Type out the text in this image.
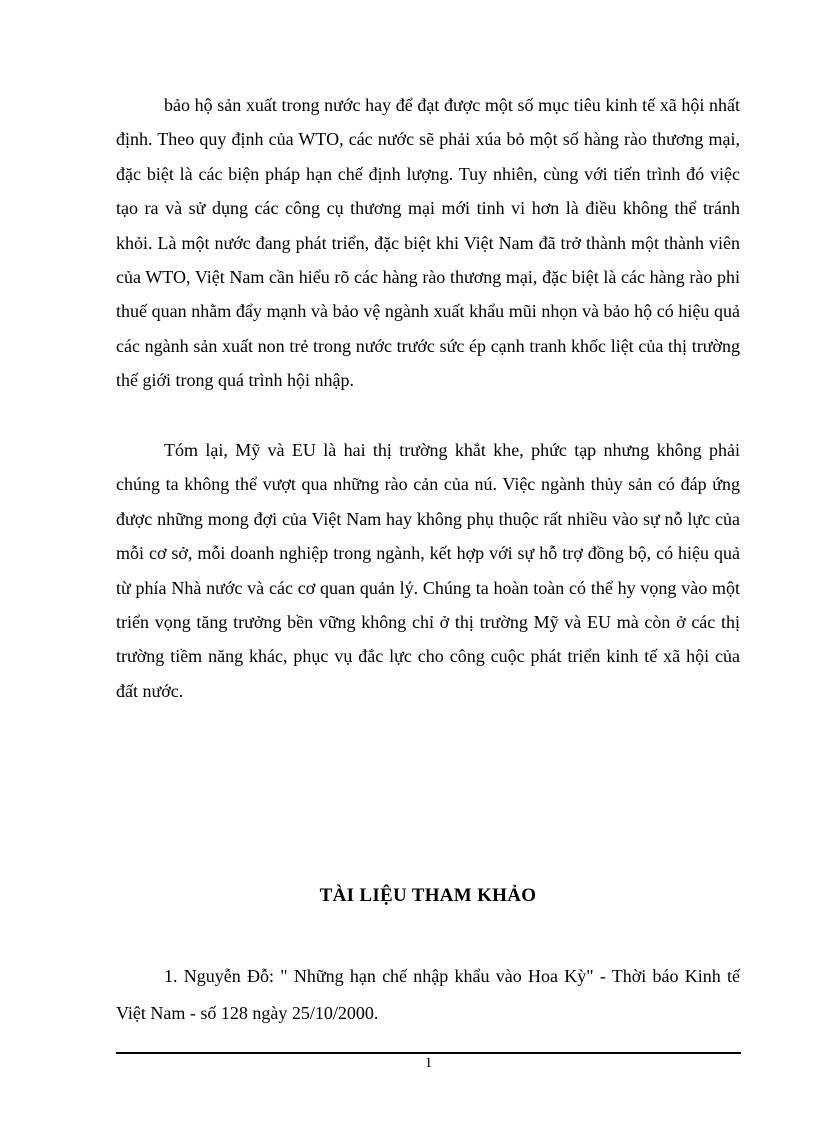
bảo hộ sản xuất trong nước hay để đạt được một số mục tiêu kinh tế xã hội nhất định. Theo quy định của WTO, các nước sẽ phải xúa bỏ một số hàng rào thương mại, đặc biệt là các biện pháp hạn chế định lượng. Tuy nhiên, cùng với tiến trình đó việc tạo ra và sử dụng các công cụ thương mại mới tinh vi hơn là điều không thể tránh khỏi. Là một nước đang phát triển, đặc biệt khi Việt Nam đã trở thành một thành viên của WTO, Việt Nam cần hiểu rõ các hàng rào thương mại, đặc biệt là các hàng rào phi thuế quan nhằm đẩy mạnh và bảo vệ ngành xuất khẩu mũi nhọn và bảo hộ có hiệu quả các ngành sản xuất non trẻ trong nước trước sức ép cạnh tranh khốc liệt của thị trường thế giới trong quá trình hội nhập.

Tóm lại, Mỹ và EU là hai thị trường khắt khe, phức tạp nhưng không phải chúng ta không thể vượt qua những rào cản của nú. Việc ngành thủy sản có đáp ứng được những mong đợi của Việt Nam hay không phụ thuộc rất nhiều vào sự nỗ lực của mỗi cơ sở, mỗi doanh nghiệp trong ngành, kết hợp với sự hỗ trợ đồng bộ, có hiệu quả từ phía Nhà nước và các cơ quan quản lý. Chúng ta hoàn toàn có thể hy vọng vào một triển vọng tăng trưởng bền vững không chỉ ở thị trường Mỹ và EU mà còn ở các thị trường tiềm năng khác, phục vụ đắc lực cho công cuộc phát triển kinh tế xã hội của đất nước.

TÀI LIỆU THAM KHẢO

1. Nguyễn Đỗ: " Những hạn chế nhập khẩu vào Hoa Kỳ" - Thời báo Kinh tế Việt Nam - số 128 ngày 25/10/2000.

1
